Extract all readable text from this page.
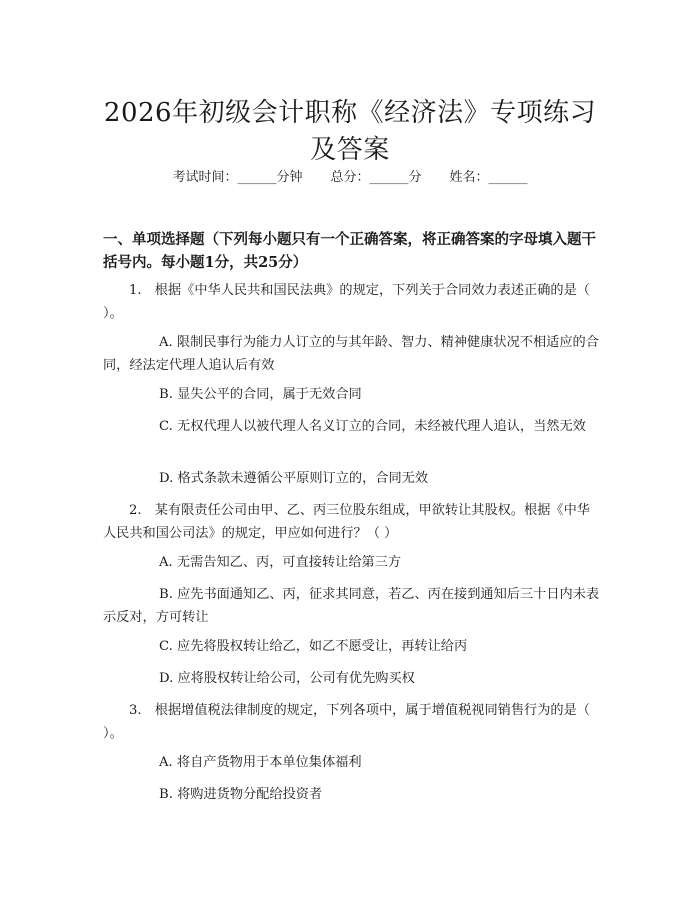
2026年初级会计职称《经济法》专项练习及答案
考试时间：______分钟 总分：______分 姓名：______
一、单项选择题（下列每小题只有一个正确答案，将正确答案的字母填入题干括号内。每小题1分，共25分）
1.　根据《中华人民共和国民法典》的规定，下列关于合同效力表述正确的是（ ）。
A. 限制民事行为能力人订立的与其年龄、智力、精神健康状况不相适应的合同，经法定代理人追认后有效
B. 显失公平的合同，属于无效合同
C. 无权代理人以被代理人名义订立的合同，未经被代理人追认，当然无效
D. 格式条款未遵循公平原则订立的，合同无效
2.　某有限责任公司由甲、乙、丙三位股东组成，甲欲转让其股权。根据《中华人民共和国公司法》的规定，甲应如何进行？（ ）
A. 无需告知乙、丙，可直接转让给第三方
B. 应先书面通知乙、丙，征求其同意，若乙、丙在接到通知后三十日内未表示反对，方可转让
C. 应先将股权转让给乙，如乙不愿受让，再转让给丙
D. 应将股权转让给公司，公司有优先购买权
3.　根据增值税法律制度的规定，下列各项中，属于增值税视同销售行为的是（ ）。
A. 将自产货物用于本单位集体福利
B. 将购进货物分配给投资者
